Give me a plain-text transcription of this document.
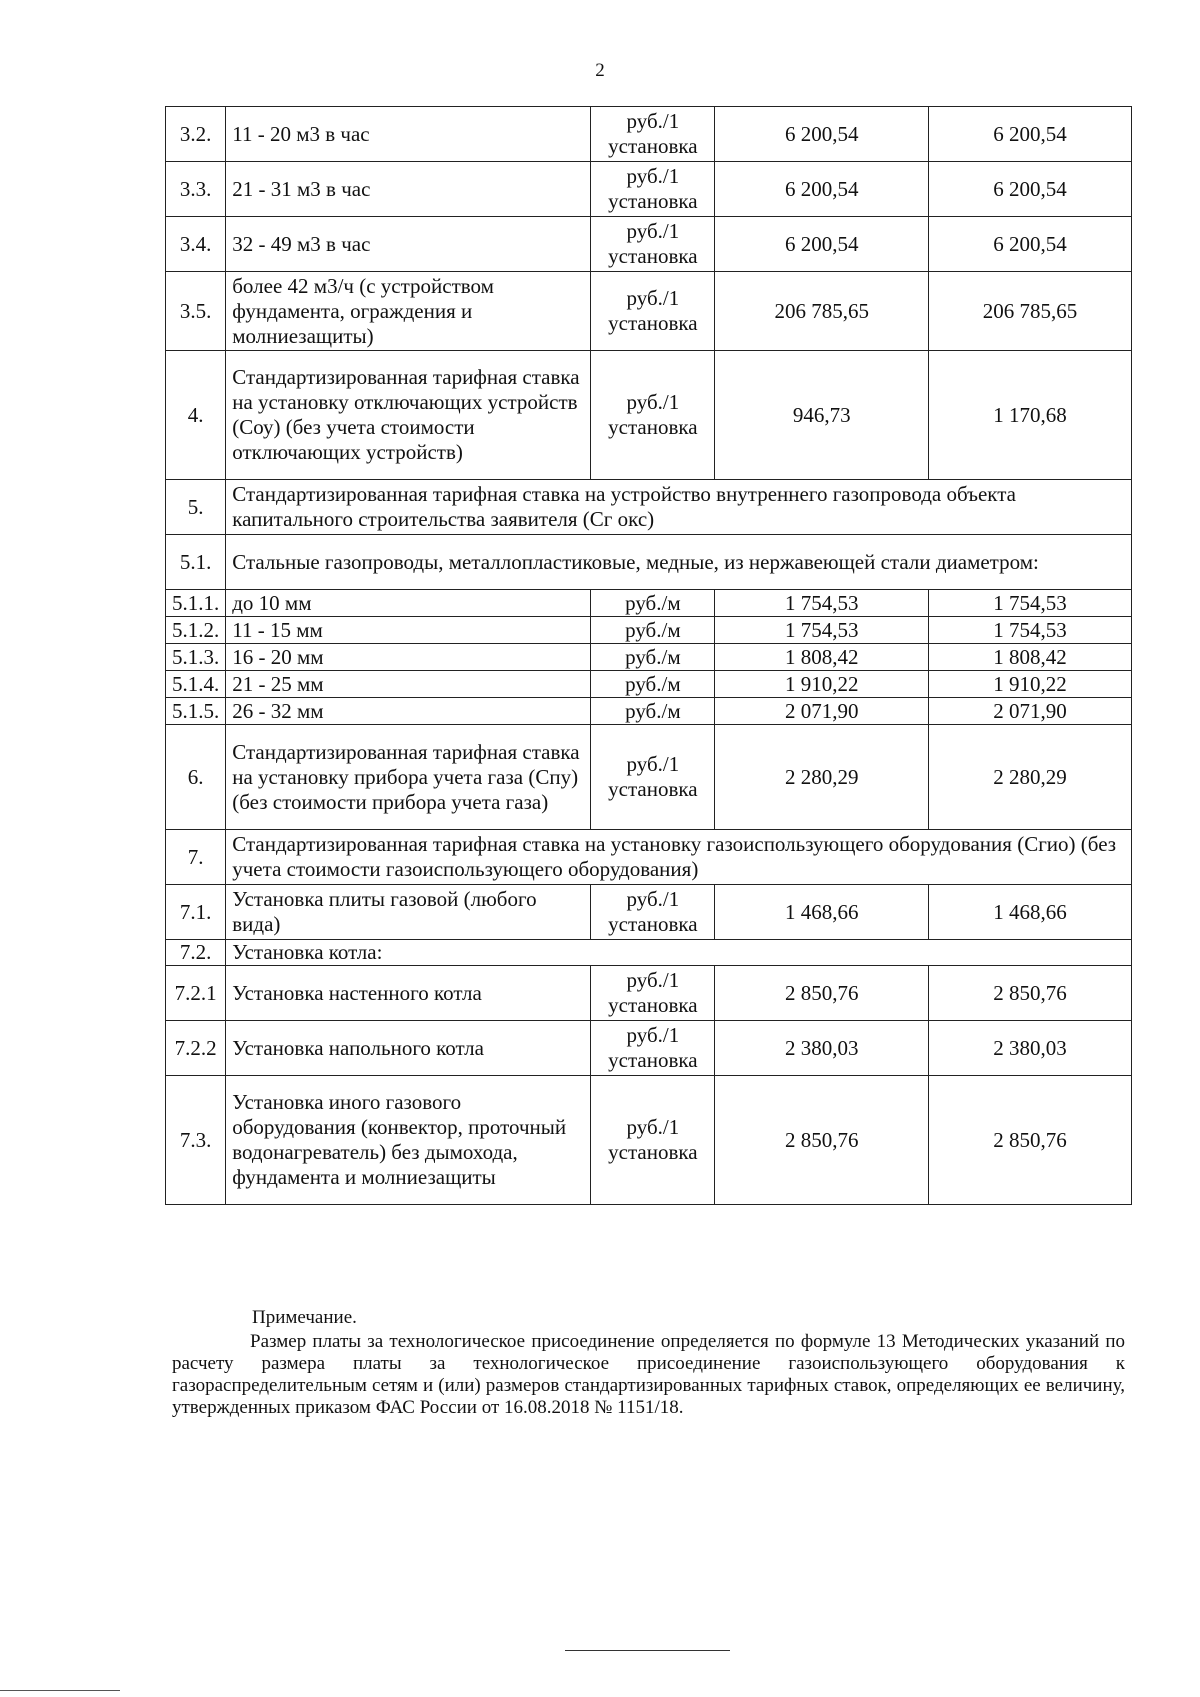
2
3.2.	11 - 20 м3 в час	руб./1 установка	6 200,54	6 200,54
3.3.	21 - 31 м3 в час	руб./1 установка	6 200,54	6 200,54
3.4.	32 - 49 м3 в час	руб./1 установка	6 200,54	6 200,54
3.5.	более 42 м3/ч (с устройством фундамента, ограждения и молниезащиты)	руб./1 установка	206 785,65	206 785,65
4.	Стандартизированная тарифная ставка на установку отключающих устройств (Соу) (без учета стоимости отключающих устройств)	руб./1 установка	946,73	1 170,68
5.	Стандартизированная тарифная ставка на устройство внутреннего газопровода объекта капитального строительства заявителя (Сг окс)			
5.1.	Стальные газопроводы, металлопластиковые, медные, из нержавеющей стали диаметром:			
5.1.1.	до 10 мм	руб./м	1 754,53	1 754,53
5.1.2.	11 - 15 мм	руб./м	1 754,53	1 754,53
5.1.3.	16 - 20 мм	руб./м	1 808,42	1 808,42
5.1.4.	21 - 25 мм	руб./м	1 910,22	1 910,22
5.1.5.	26 - 32 мм	руб./м	2 071,90	2 071,90
6.	Стандартизированная тарифная ставка на установку прибора учета газа (Спу) (без стоимости прибора учета газа)	руб./1 установка	2 280,29	2 280,29
7.	Стандартизированная тарифная ставка на установку газоиспользующего оборудования (Сгио) (без учета стоимости газоиспользующего оборудования)			
7.1.	Установка плиты газовой (любого вида)	руб./1 установка	1 468,66	1 468,66
7.2.	Установка котла:			
7.2.1	Установка настенного котла	руб./1 установка	2 850,76	2 850,76
7.2.2	Установка напольного котла	руб./1 установка	2 380,03	2 380,03
7.3.	Установка иного газового оборудования (конвектор, проточный водонагреватель) без дымохода, фундамента и молниезащиты	руб./1 установка	2 850,76	2 850,76
Примечание.

Размер платы за технологическое присоединение определяется по формуле 13 Методических указаний по расчету размера платы за технологическое присоединение газоиспользующего оборудования к газораспределительным сетям и (или) размеров стандартизированных тарифных ставок, определяющих ее величину, утвержденных приказом ФАС России от 16.08.2018 № 1151/18.
